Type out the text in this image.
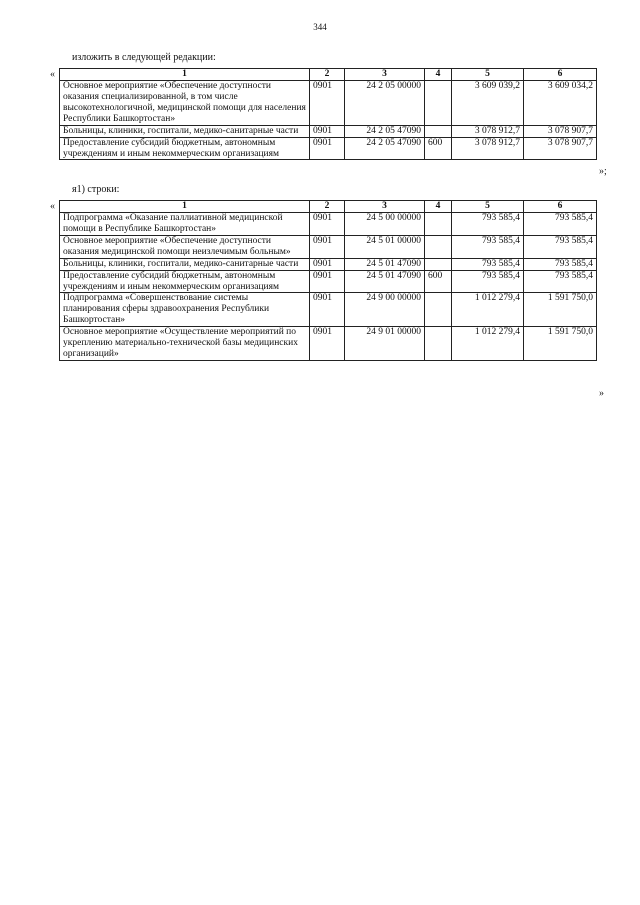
344
изложить в следующей редакции:
«	1	2	3	4	5	6
Основное мероприятие «Обеспечение доступности оказания специализированной, в том числе высокотехнологичной, медицинской помощи для населения Республики Башкортостан»	0901	24 2 05 00000		3 609 039,2	3 609 034,2
Больницы, клиники, госпитали, медико-санитарные части	0901	24 2 05 47090		3 078 912,7	3 078 907,7
Предоставление субсидий бюджетным, автономным учреждениям и иным некоммерческим организациям	0901	24 2 05 47090	600	3 078 912,7	3 078 907,7
»;
я1) строки:
«	1	2	3	4	5	6
Подпрограмма «Оказание паллиативной медицинской помощи в Республике Башкортостан»	0901	24 5 00 00000		793 585,4	793 585,4
Основное мероприятие «Обеспечение доступности оказания медицинской помощи неизлечимым больным»	0901	24 5 01 00000		793 585,4	793 585,4
Больницы, клиники, госпитали, медико-санитарные части	0901	24 5 01 47090		793 585,4	793 585,4
Предоставление субсидий бюджетным, автономным учреждениям и иным некоммерческим организациям	0901	24 5 01 47090	600	793 585,4	793 585,4
Подпрограмма «Совершенствование системы планирования сферы здравоохранения Республики Башкортостан»	0901	24 9 00 00000		1 012 279,4	1 591 750,0
Основное мероприятие «Осуществление мероприятий по укреплению материально-технической базы медицинских организаций»	0901	24 9 01 00000		1 012 279,4	1 591 750,0
»
